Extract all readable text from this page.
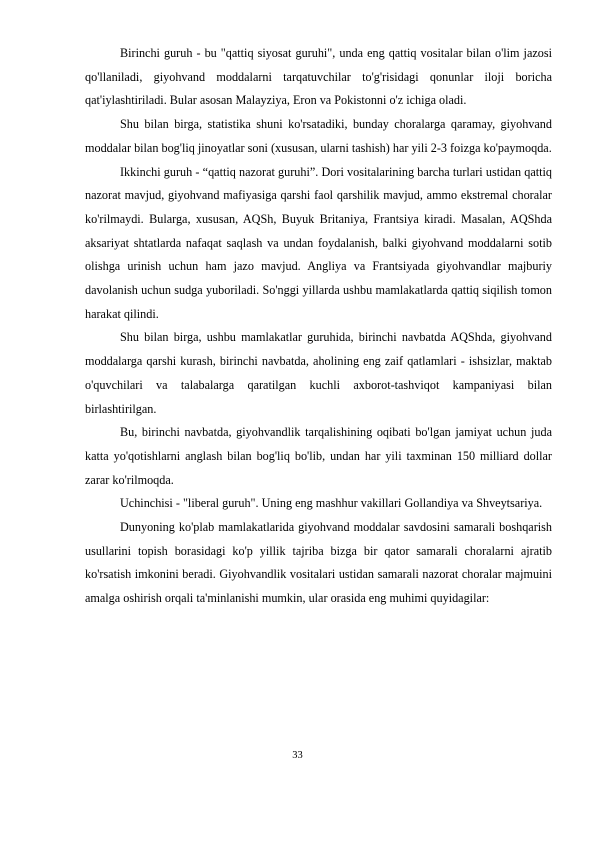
Birinchi guruh - bu "qattiq siyosat guruhi", unda eng qattiq vositalar bilan o'lim jazosi qo'llaniladi, giyohvand moddalarni tarqatuvchilar to'g'risidagi qonunlar iloji boricha qat'iylashtiriladi. Bular asosan Malayziya, Eron va Pokistonni o'z ichiga oladi.

Shu bilan birga, statistika shuni ko'rsatadiki, bunday choralarga qaramay, giyohvand moddalar bilan bog'liq jinoyatlar soni (xususan, ularni tashish) har yili 2-3 foizga ko'paymoqda.

Ikkinchi guruh - “qattiq nazorat guruhi”. Dori vositalarining barcha turlari ustidan qattiq nazorat mavjud, giyohvand mafiyasiga qarshi faol qarshilik mavjud, ammo ekstremal choralar ko'rilmaydi. Bularga, xususan, AQSh, Buyuk Britaniya, Frantsiya kiradi. Masalan, AQShda aksariyat shtatlarda nafaqat saqlash va undan foydalanish, balki giyohvand moddalarni sotib olishga urinish uchun ham jazo mavjud. Angliya va Frantsiyada giyohvandlar majburiy davolanish uchun sudga yuboriladi. So'nggi yillarda ushbu mamlakatlarda qattiq siqilish tomon harakat qilindi.

Shu bilan birga, ushbu mamlakatlar guruhida, birinchi navbatda AQShda, giyohvand moddalarga qarshi kurash, birinchi navbatda, aholining eng zaif qatlamlari - ishsizlar, maktab o'quvchilari va talabalarga qaratilgan kuchli axborot-tashviqot kampaniyasi bilan birlashtirilgan.

Bu, birinchi navbatda, giyohvandlik tarqalishining oqibati bo'lgan jamiyat uchun juda katta yo'qotishlarni anglash bilan bog'liq bo'lib, undan har yili taxminan 150 milliard dollar zarar ko'rilmoqda.

Uchinchisi - "liberal guruh". Uning eng mashhur vakillari Gollandiya va Shveytsariya.

Dunyoning ko'plab mamlakatlarida giyohvand moddalar savdosini samarali boshqarish usullarini topish borasidagi ko'p yillik tajriba bizga bir qator samarali choralarni ajratib ko'rsatish imkonini beradi. Giyohvandlik vositalari ustidan samarali nazorat choralar majmuini amalga oshirish orqali ta'minlanishi mumkin, ular orasida eng muhimi quyidagilar:

33
